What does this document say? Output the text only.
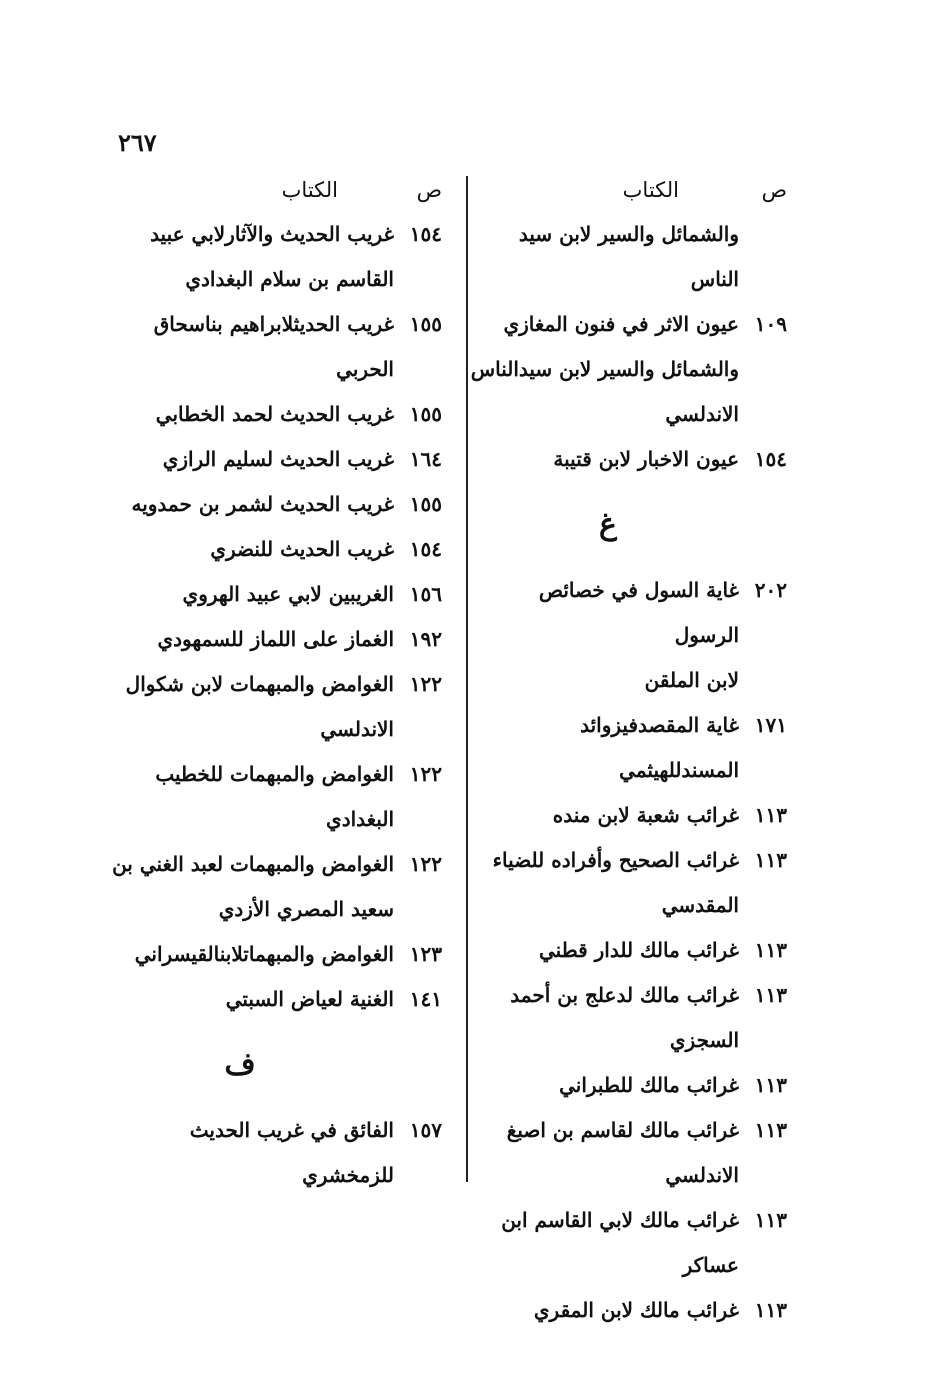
٢٦٧
ص
الكتاب
والشمائل والسير لابن سيد الناس
١٠٩
عيون الاثر في فنون المغازي
والشمائل والسير لابن سيدالناس
الاندلسي
١٥٤
عيون الاخبار لابن قتيبة
غ
٢٠٢
غاية السول في خصائص الرسول
لابن الملقن
١٧١
غاية المقصدفيزوائد المسندللهيثمي
١١٣
غرائب شعبة لابن منده
١١٣
غرائب الصحيح وأفراده للضياء
المقدسي
١١٣
غرائب مالك للدار قطني
١١٣
غرائب مالك لدعلج بن أحمد
السجزي
١١٣
غرائب مالك للطبراني
١١٣
غرائب مالك لقاسم بن اصبغ
الاندلسي
١١٣
غرائب مالك لابي القاسم ابن
عساكر
١١٣
غرائب مالك لابن المقري
ص
الكتاب
١٥٤
غريب الحديث والآثارلابي عبيد
القاسم بن سلام البغدادي
١٥٥
غريب الحديثلابراهيم بناسحاق
الحربي
١٥٥
غريب الحديث لحمد الخطابي
١٦٤
غريب الحديث لسليم الرازي
١٥٥
غريب الحديث لشمر بن حمدويه
١٥٤
غريب الحديث للنضري
١٥٦
الغريبين لابي عبيد الهروي
١٩٢
الغماز على اللماز للسمهودي
١٢٢
الغوامض والمبهمات لابن شكوال
الاندلسي
١٢٢
الغوامض والمبهمات للخطيب
البغدادي
١٢٢
الغوامض والمبهمات لعبد الغني بن
سعيد المصري الأزدي
١٢٣
الغوامض والمبهماتلابنالقيسراني
١٤١
الغنية لعياض السبتي
ف
١٥٧
الفائق في غريب الحديث
للزمخشري
